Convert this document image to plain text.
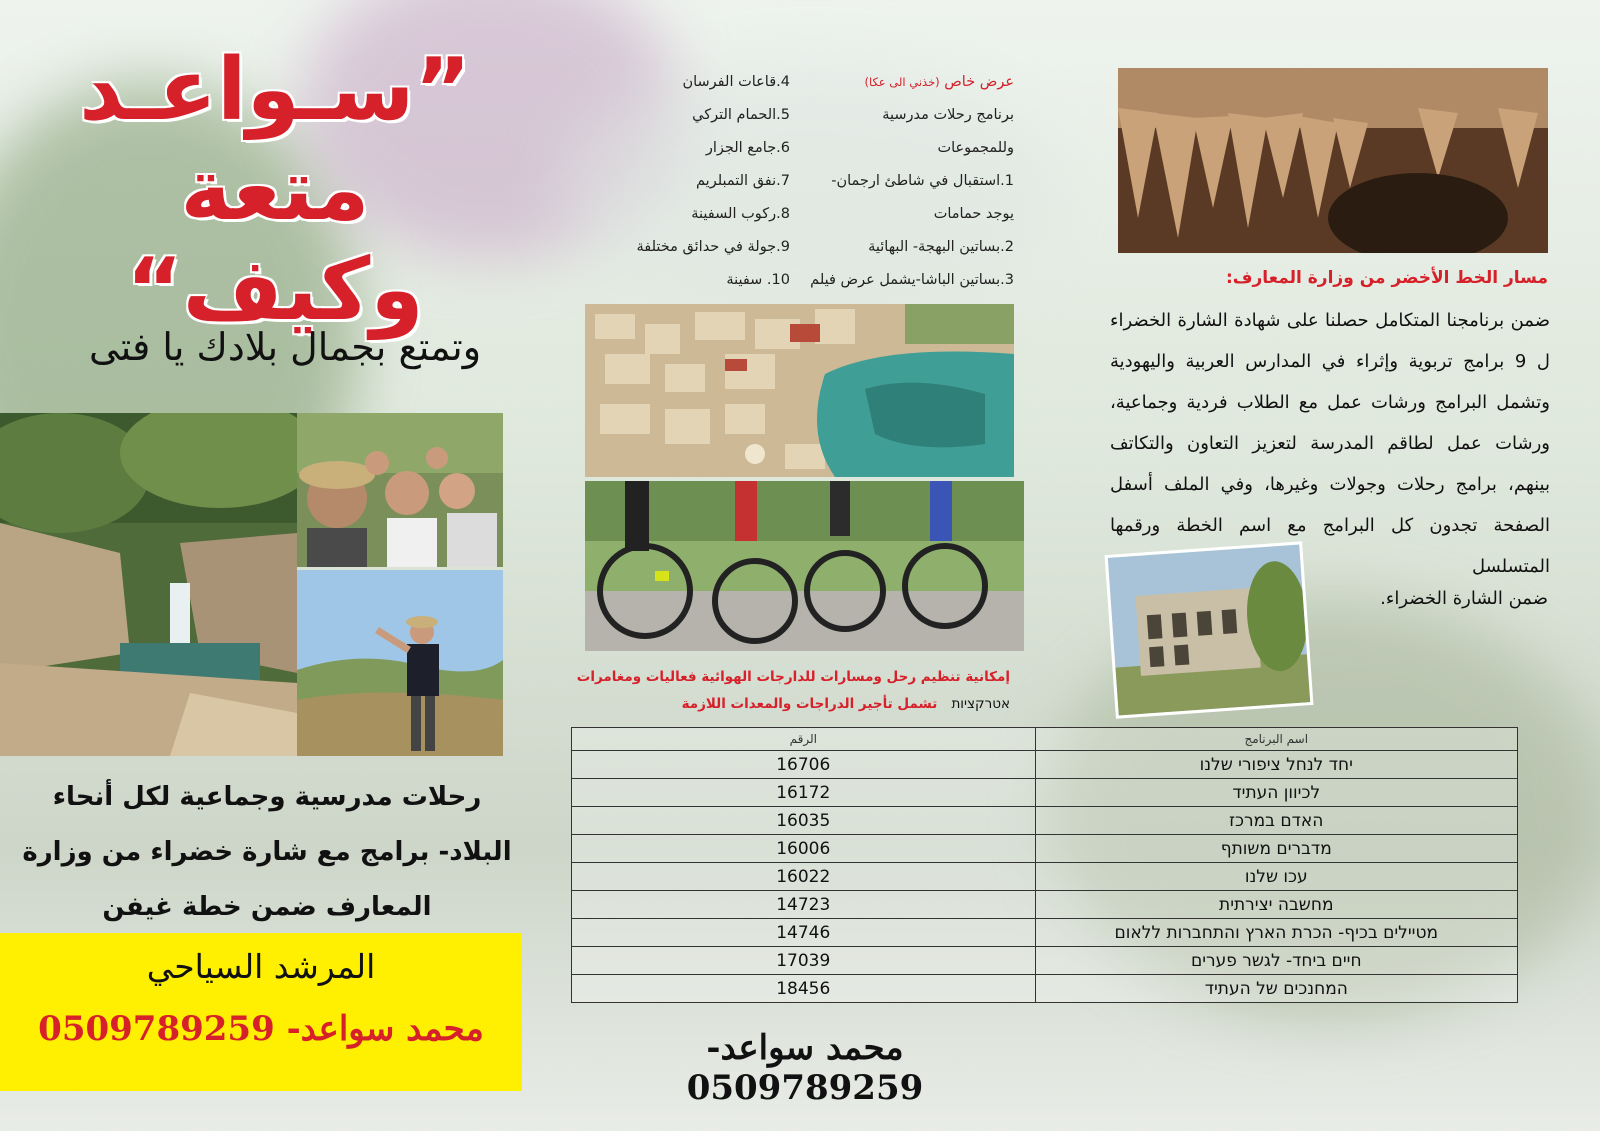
”سـواعـد
متعة وكيف“
وتمتع بجمال بلادك يا فتى
رحلات مدرسية وجماعية لكل أنحاء البلاد- برامج مع شارة خضراء من وزارة المعارف ضمن خطة غيفن
المرشد السياحي
محمد سواعد- 0509789259
عرض خاص (خذني الى عكا)
برنامج رحلات مدرسية
وللمجموعات
1.استقبال في شاطئ ارجمان-
يوجد حمامات
2.بساتين البهجة- البهائية
3.بساتين الباشا-يشمل عرض فيلم
4.قاعات الفرسان
5.الحمام التركي
6.جامع الجزار
7.نفق التمبلريم
8.ركوب السفينة
9.جولة في حدائق مختلفة
10. سفينة
إمكانية تنظيم رحل ومسارات للدارجات الهوائية فعاليات ومغامرات
אטרקציות   تشمل تأجير الدراجات والمعدات اللازمة
الرقم	اسم البرنامج
16706	יחד לנחל ציפורי שלנו
16172	לכיוון העתיד
16035	האדם במרכז
16006	מדברים משותף
16022	עכו שלנו
14723	מחשבה יצירתית
14746	מטיילים בכיף- הכרת הארץ והתחברות ללאום
17039	חיים ביחד- לגשר פערים
18456	המחנכים של העתיד
محمد سواعد- 0509789259
مسار الخط الأخضر من وزارة المعارف:
ضمن برنامجنا المتكامل حصلنا على شهادة الشارة الخضراء ل 9 برامج تربوية وإثراء في المدارس العربية واليهودية وتشمل البرامج ورشات عمل مع الطلاب فردية وجماعية، ورشات عمل لطاقم المدرسة لتعزيز التعاون والتكاتف بينهم، برامج رحلات وجولات وغيرها، وفي الملف أسفل الصفحة تجدون كل البرامج مع اسم الخطة ورقمها المتسلسل
ضمن الشارة الخضراء.
